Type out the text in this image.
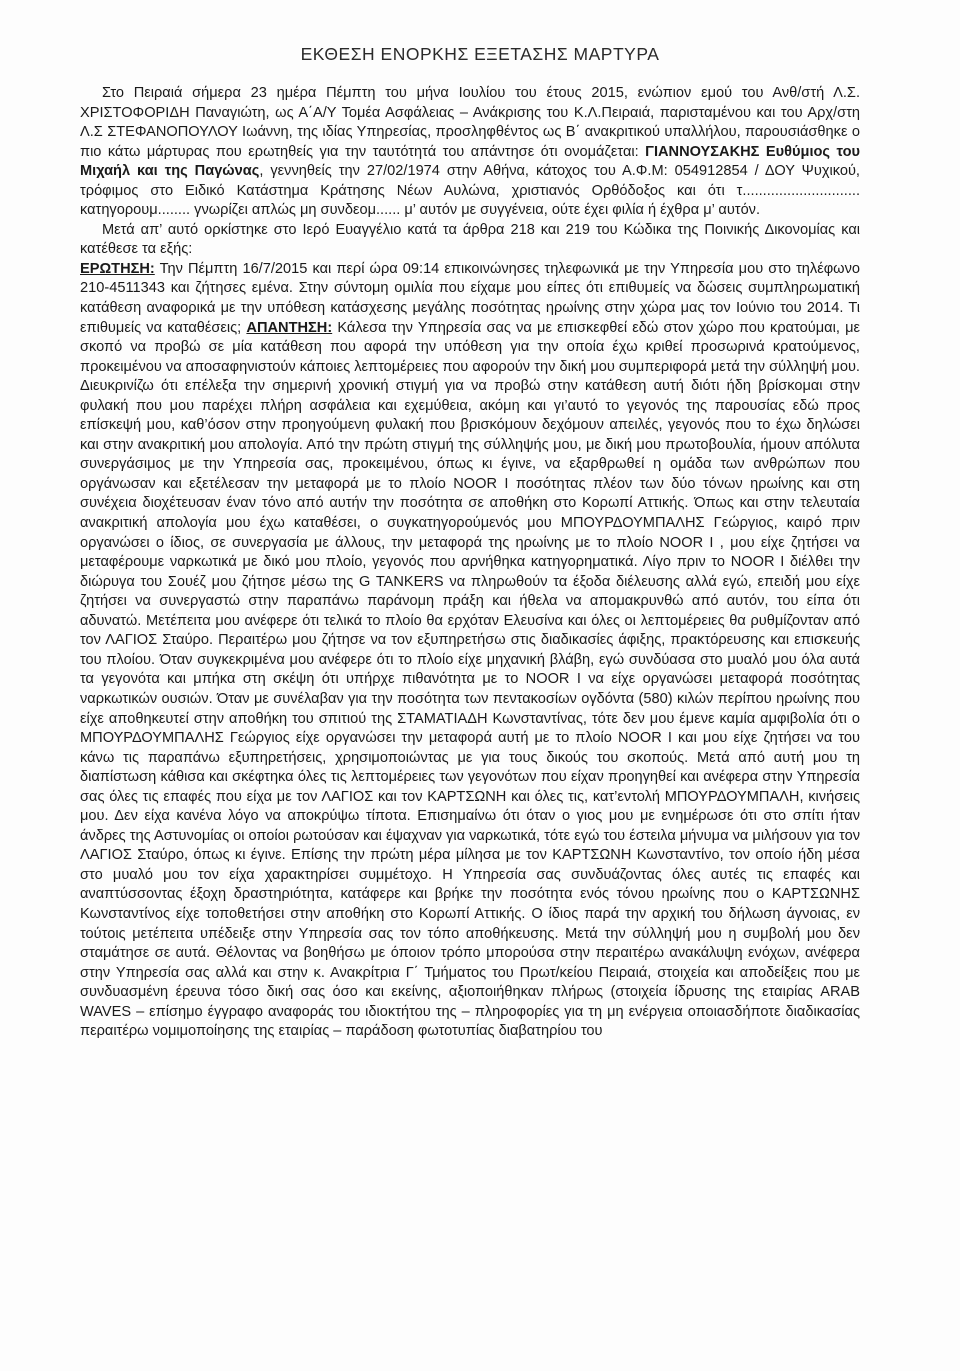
ΕΚΘΕΣΗ ΕΝΟΡΚΗΣ ΕΞΕΤΑΣΗΣ ΜΑΡΤΥΡΑ

Στο Πειραιά σήμερα 23 ημέρα Πέμπτη του μήνα Ιουλίου του έτους 2015, ενώπιον εμού του Ανθ/στή Λ.Σ. ΧΡΙΣΤΟΦΟΡΙΔΗ Παναγιώτη, ως Α΄Α/Υ Τομέα Ασφάλειας – Ανάκρισης του Κ.Λ.Πειραιά, παρισταμένου και του Αρχ/στη Λ.Σ ΣΤΕΦΑΝΟΠΟΥΛΟΥ Ιωάννη, της ιδίας Υπηρεσίας, προσληφθέντος ως Β΄ ανακριτικού υπαλλήλου, παρουσιάσθηκε ο πιο κάτω μάρτυρας που ερωτηθείς για την ταυτότητά του απάντησε ότι ονομάζεται: ΓΙΑΝΝΟΥΣΑΚΗΣ Ευθύμιος του Μιχαήλ και της Παγώνας, γεννηθείς την 27/02/1974 στην Αθήνα, κάτοχος του Α.Φ.Μ: 054912854 / ΔΟΥ Ψυχικού, τρόφιμος στο Ειδικό Κατάστημα Κράτησης Νέων Αυλώνα, χριστιανός Ορθόδοξος και ότι τ............................. κατηγορουμ........ γνωρίζει απλώς μη συνδεομ...... μ’ αυτόν με συγγένεια, ούτε έχει φιλία ή έχθρα μ’ αυτόν.

Μετά απ’ αυτό ορκίστηκε στο Ιερό Ευαγγέλιο κατά τα άρθρα 218 και 219 του Κώδικα της Ποινικής Δικονομίας και κατέθεσε τα εξής:

ΕΡΩΤΗΣΗ: Την Πέμπτη 16/7/2015 και περί ώρα 09:14 επικοινώνησες τηλεφωνικά με την Υπηρεσία μου στο τηλέφωνο 210-4511343 και ζήτησες εμένα. Στην σύντομη ομιλία που είχαμε μου είπες ότι επιθυμείς να δώσεις συμπληρωματική κατάθεση αναφορικά με την υπόθεση κατάσχεσης μεγάλης ποσότητας ηρωίνης στην χώρα μας τον Ιούνιο του 2014. Τι επιθυμείς να καταθέσεις; ΑΠΑΝΤΗΣΗ: Κάλεσα την Υπηρεσία σας να με επισκεφθεί εδώ στον χώρο που κρατούμαι, με σκοπό να προβώ σε μία κατάθεση που αφορά την υπόθεση για την οποία έχω κριθεί προσωρινά κρατούμενος, προκειμένου να αποσαφηνιστούν κάποιες λεπτομέρειες που αφορούν την δική μου συμπεριφορά μετά την σύλληψή μου. Διευκρινίζω ότι επέλεξα την σημερινή χρονική στιγμή για να προβώ στην κατάθεση αυτή διότι ήδη βρίσκομαι στην φυλακή που μου παρέχει πλήρη ασφάλεια και εχεμύθεια, ακόμη και γι’αυτό το γεγονός της παρουσίας εδώ προς επίσκεψή μου, καθ’όσον στην προηγούμενη φυλακή που βρισκόμουν δεχόμουν απειλές, γεγονός που το έχω δηλώσει και στην ανακριτική μου απολογία. Από την πρώτη στιγμή της σύλληψής μου, με δική μου πρωτοβουλία, ήμουν απόλυτα συνεργάσιμος με την Υπηρεσία σας, προκειμένου, όπως κι έγινε, να εξαρθρωθεί η ομάδα των ανθρώπων που οργάνωσαν και εξετέλεσαν την μεταφορά με το πλοίο NOOR I ποσότητας πλέον των δύο τόνων ηρωίνης και στη συνέχεια διοχέτευσαν έναν τόνο από αυτήν την ποσότητα σε αποθήκη στο Κορωπί Αττικής. Όπως και στην τελευταία ανακριτική απολογία μου έχω καταθέσει, ο συγκατηγορούμενός μου ΜΠΟΥΡΔΟΥΜΠΑΛΗΣ Γεώργιος, καιρό πριν οργανώσει ο ίδιος, σε συνεργασία με άλλους, την μεταφορά της ηρωίνης με το πλοίο NOOR I , μου είχε ζητήσει να μεταφέρουμε ναρκωτικά με δικό μου πλοίο, γεγονός που αρνήθηκα κατηγορηματικά. Λίγο πριν το NOOR I διέλθει την διώρυγα του Σουέζ μου ζήτησε μέσω της G TANKERS να πληρωθούν τα έξοδα διέλευσης αλλά εγώ, επειδή μου είχε ζητήσει να συνεργαστώ στην παραπάνω παράνομη πράξη και ήθελα να απομακρυνθώ από αυτόν, του είπα ότι αδυνατώ. Μετέπειτα μου ανέφερε ότι τελικά το πλοίο θα ερχόταν Ελευσίνα και όλες οι λεπτομέρειες θα ρυθμίζονταν από τον ΛΑΓΙΟΣ Σταύρο. Περαιτέρω μου ζήτησε να τον εξυπηρετήσω στις διαδικασίες άφιξης, πρακτόρευσης και επισκευής του πλοίου. Όταν συγκεκριμένα μου ανέφερε ότι το πλοίο είχε μηχανική βλάβη, εγώ συνδύασα στο μυαλό μου όλα αυτά τα γεγονότα και μπήκα στη σκέψη ότι υπήρχε πιθανότητα με το NOOR I να είχε οργανώσει μεταφορά ποσότητας ναρκωτικών ουσιών. Όταν με συνέλαβαν για την ποσότητα των πεντακοσίων ογδόντα (580) κιλών περίπου ηρωίνης που είχε αποθηκευτεί στην αποθήκη του σπιτιού της ΣΤΑΜΑΤΙΑΔΗ Κωνσταντίνας, τότε δεν μου έμενε καμία αμφιβολία ότι ο ΜΠΟΥΡΔΟΥΜΠΑΛΗΣ Γεώργιος είχε οργανώσει την μεταφορά αυτή με το πλοίο NOOR I και μου είχε ζητήσει να του κάνω τις παραπάνω εξυπηρετήσεις, χρησιμοποιώντας με για τους δικούς του σκοπούς. Μετά από αυτή μου τη διαπίστωση κάθισα και σκέφτηκα όλες τις λεπτομέρειες των γεγονότων που είχαν προηγηθεί και ανέφερα στην Υπηρεσία σας όλες τις επαφές που είχα με τον ΛΑΓΙΟΣ και τον ΚΑΡΤΣΩΝΗ και όλες τις, κατ’εντολή ΜΠΟΥΡΔΟΥΜΠΑΛΗ, κινήσεις μου. Δεν είχα κανένα λόγο να αποκρύψω τίποτα. Επισημαίνω ότι όταν ο γιος μου με ενημέρωσε ότι στο σπίτι ήταν άνδρες της Αστυνομίας οι οποίοι ρωτούσαν και έψαχναν για ναρκωτικά, τότε εγώ του έστειλα μήνυμα να μιλήσουν για τον ΛΑΓΙΟΣ Σταύρο, όπως κι έγινε. Επίσης την πρώτη μέρα μίλησα με τον ΚΑΡΤΣΩΝΗ Κωνσταντίνο, τον οποίο ήδη μέσα στο μυαλό μου τον είχα χαρακτηρίσει συμμέτοχο. Η Υπηρεσία σας συνδυάζοντας όλες αυτές τις επαφές και αναπτύσσοντας έξοχη δραστηριότητα, κατάφερε και βρήκε την ποσότητα ενός τόνου ηρωίνης που ο ΚΑΡΤΣΩΝΗΣ Κωνσταντίνος είχε τοποθετήσει στην αποθήκη στο Κορωπί Αττικής. Ο ίδιος παρά την αρχική του δήλωση άγνοιας, εν τούτοις μετέπειτα υπέδειξε στην Υπηρεσία σας τον τόπο αποθήκευσης. Μετά την σύλληψή μου η συμβολή μου δεν σταμάτησε σε αυτά. Θέλοντας να βοηθήσω με όποιον τρόπο μπορούσα στην περαιτέρω ανακάλυψη ενόχων, ανέφερα στην Υπηρεσία σας αλλά και στην κ. Ανακρίτρια Γ΄ Τμήματος του Πρωτ/κείου Πειραιά, στοιχεία και αποδείξεις που με συνδυασμένη έρευνα τόσο δική σας όσο και εκείνης, αξιοποιήθηκαν πλήρως (στοιχεία ίδρυσης της εταιρίας ARAB WAVES – επίσημο έγγραφο αναφοράς του ιδιοκτήτου της – πληροφορίες για τη μη ενέργεια οποιασδήποτε διαδικασίας περαιτέρω νομιμοποίησης της εταιρίας – παράδοση φωτοτυπίας διαβατηρίου του
